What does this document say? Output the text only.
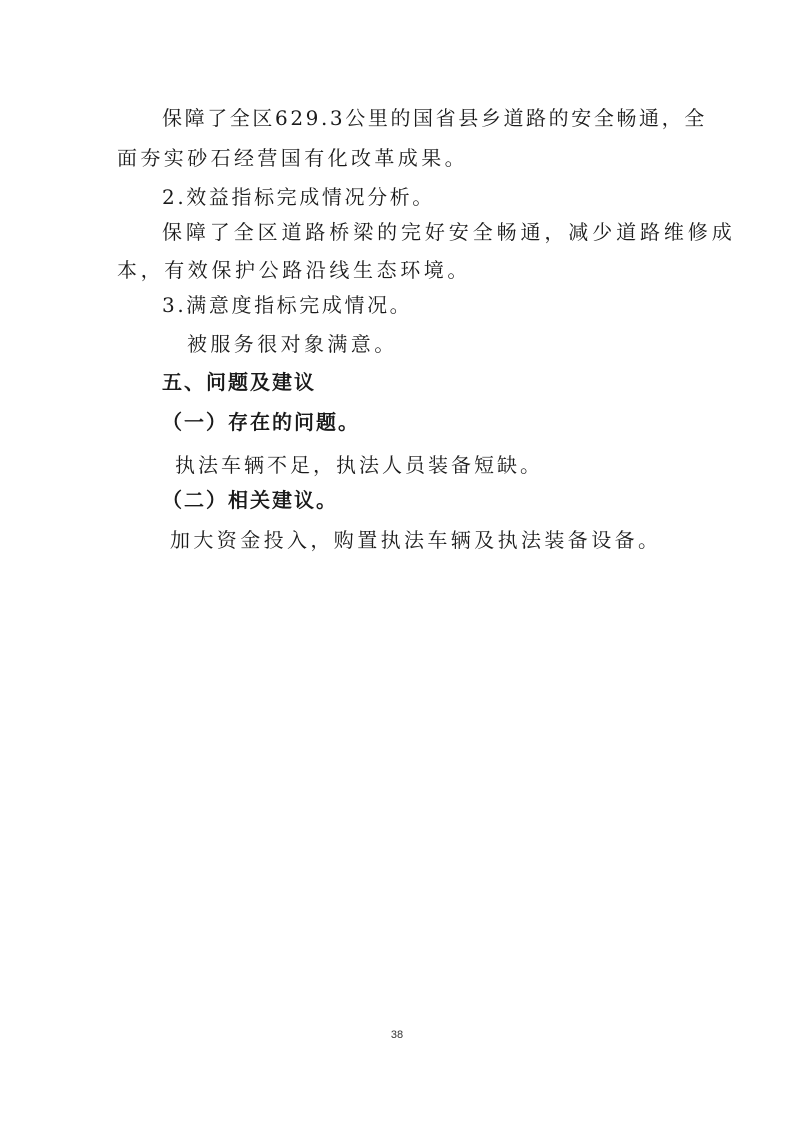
保障了全区629.3公里的国省县乡道路的安全畅通，全
面夯实砂石经营国有化改革成果。
2.效益指标完成情况分析。
保障了全区道路桥梁的完好安全畅通，减少道路维修成
本，有效保护公路沿线生态环境。
3.满意度指标完成情况。
被服务很对象满意。
五、问题及建议
（一）存在的问题。
执法车辆不足，执法人员装备短缺。
（二）相关建议。
加大资金投入，购置执法车辆及执法装备设备。
38
